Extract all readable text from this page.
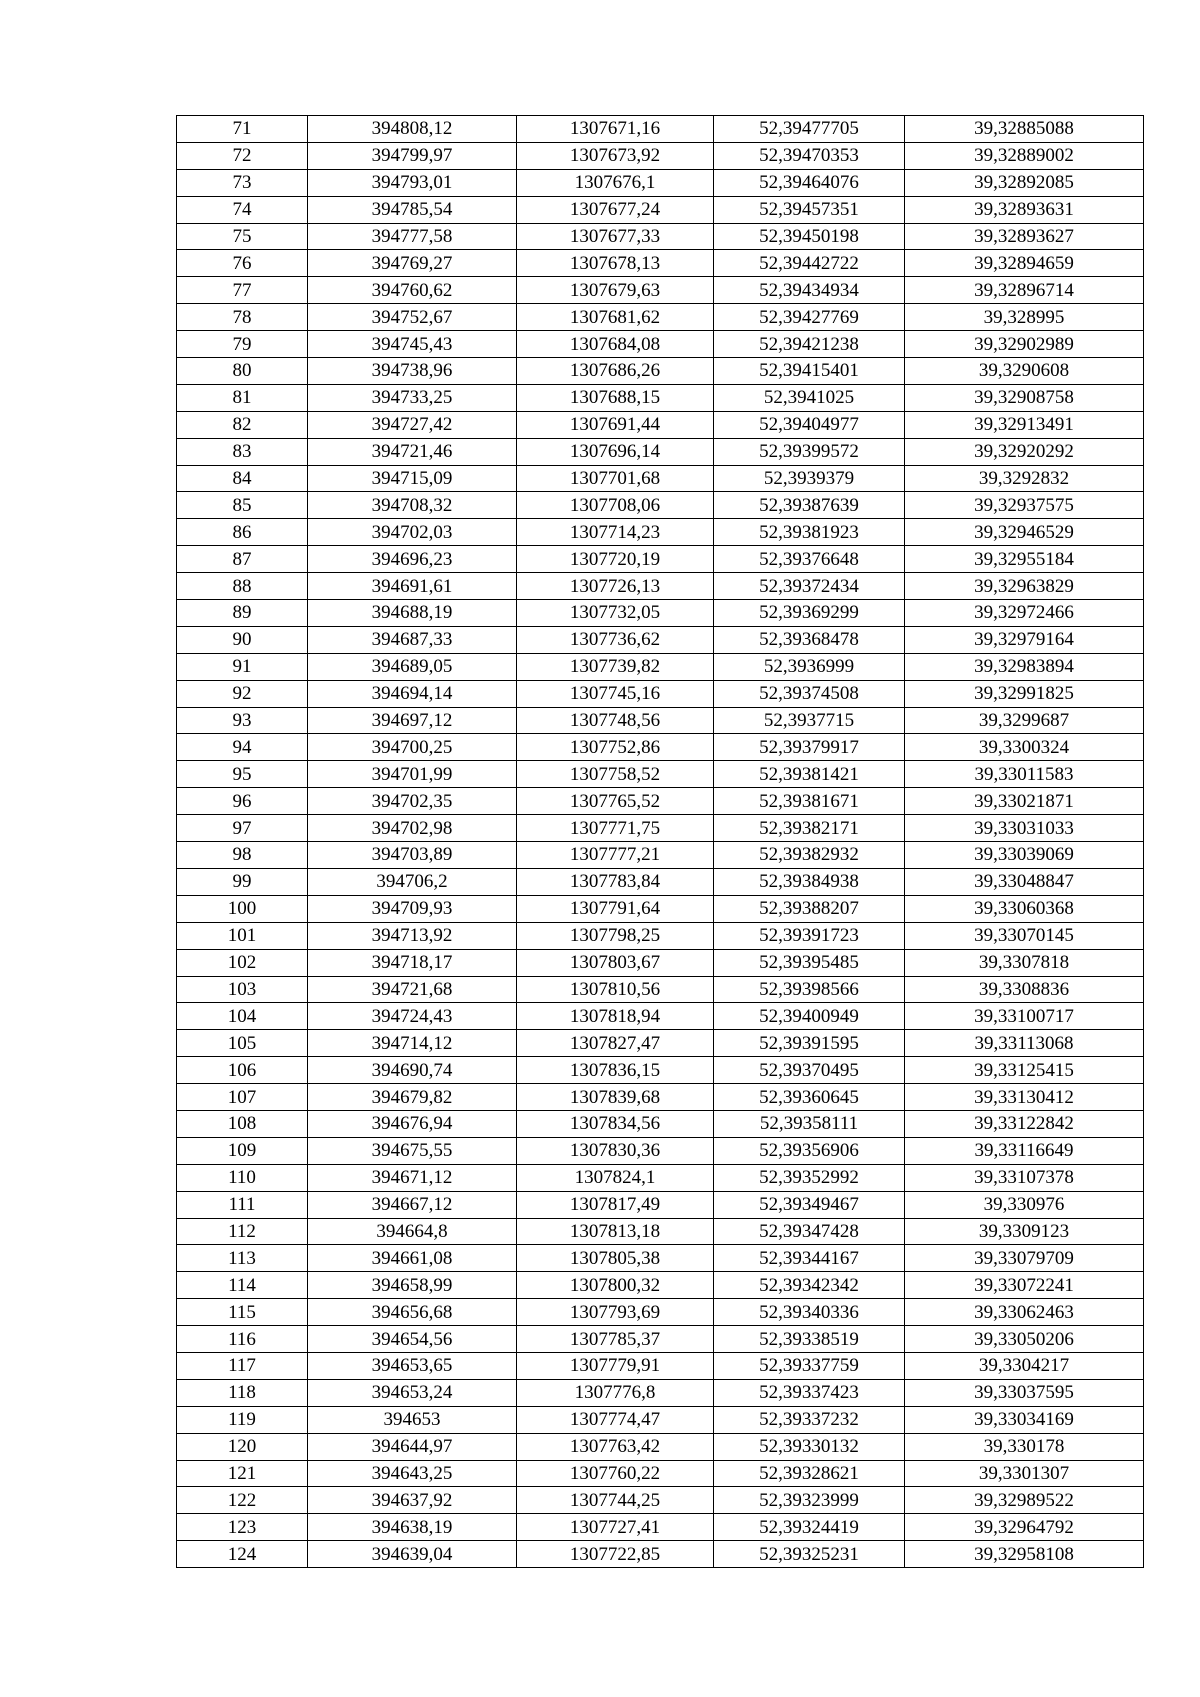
71	394808,12	1307671,16	52,39477705	39,32885088
72	394799,97	1307673,92	52,39470353	39,32889002
73	394793,01	1307676,1	52,39464076	39,32892085
74	394785,54	1307677,24	52,39457351	39,32893631
75	394777,58	1307677,33	52,39450198	39,32893627
76	394769,27	1307678,13	52,39442722	39,32894659
77	394760,62	1307679,63	52,39434934	39,32896714
78	394752,67	1307681,62	52,39427769	39,328995
79	394745,43	1307684,08	52,39421238	39,32902989
80	394738,96	1307686,26	52,39415401	39,3290608
81	394733,25	1307688,15	52,3941025	39,32908758
82	394727,42	1307691,44	52,39404977	39,32913491
83	394721,46	1307696,14	52,39399572	39,32920292
84	394715,09	1307701,68	52,3939379	39,3292832
85	394708,32	1307708,06	52,39387639	39,32937575
86	394702,03	1307714,23	52,39381923	39,32946529
87	394696,23	1307720,19	52,39376648	39,32955184
88	394691,61	1307726,13	52,39372434	39,32963829
89	394688,19	1307732,05	52,39369299	39,32972466
90	394687,33	1307736,62	52,39368478	39,32979164
91	394689,05	1307739,82	52,3936999	39,32983894
92	394694,14	1307745,16	52,39374508	39,32991825
93	394697,12	1307748,56	52,3937715	39,3299687
94	394700,25	1307752,86	52,39379917	39,3300324
95	394701,99	1307758,52	52,39381421	39,33011583
96	394702,35	1307765,52	52,39381671	39,33021871
97	394702,98	1307771,75	52,39382171	39,33031033
98	394703,89	1307777,21	52,39382932	39,33039069
99	394706,2	1307783,84	52,39384938	39,33048847
100	394709,93	1307791,64	52,39388207	39,33060368
101	394713,92	1307798,25	52,39391723	39,33070145
102	394718,17	1307803,67	52,39395485	39,3307818
103	394721,68	1307810,56	52,39398566	39,3308836
104	394724,43	1307818,94	52,39400949	39,33100717
105	394714,12	1307827,47	52,39391595	39,33113068
106	394690,74	1307836,15	52,39370495	39,33125415
107	394679,82	1307839,68	52,39360645	39,33130412
108	394676,94	1307834,56	52,39358111	39,33122842
109	394675,55	1307830,36	52,39356906	39,33116649
110	394671,12	1307824,1	52,39352992	39,33107378
111	394667,12	1307817,49	52,39349467	39,330976
112	394664,8	1307813,18	52,39347428	39,3309123
113	394661,08	1307805,38	52,39344167	39,33079709
114	394658,99	1307800,32	52,39342342	39,33072241
115	394656,68	1307793,69	52,39340336	39,33062463
116	394654,56	1307785,37	52,39338519	39,33050206
117	394653,65	1307779,91	52,39337759	39,3304217
118	394653,24	1307776,8	52,39337423	39,33037595
119	394653	1307774,47	52,39337232	39,33034169
120	394644,97	1307763,42	52,39330132	39,330178
121	394643,25	1307760,22	52,39328621	39,3301307
122	394637,92	1307744,25	52,39323999	39,32989522
123	394638,19	1307727,41	52,39324419	39,32964792
124	394639,04	1307722,85	52,39325231	39,32958108
